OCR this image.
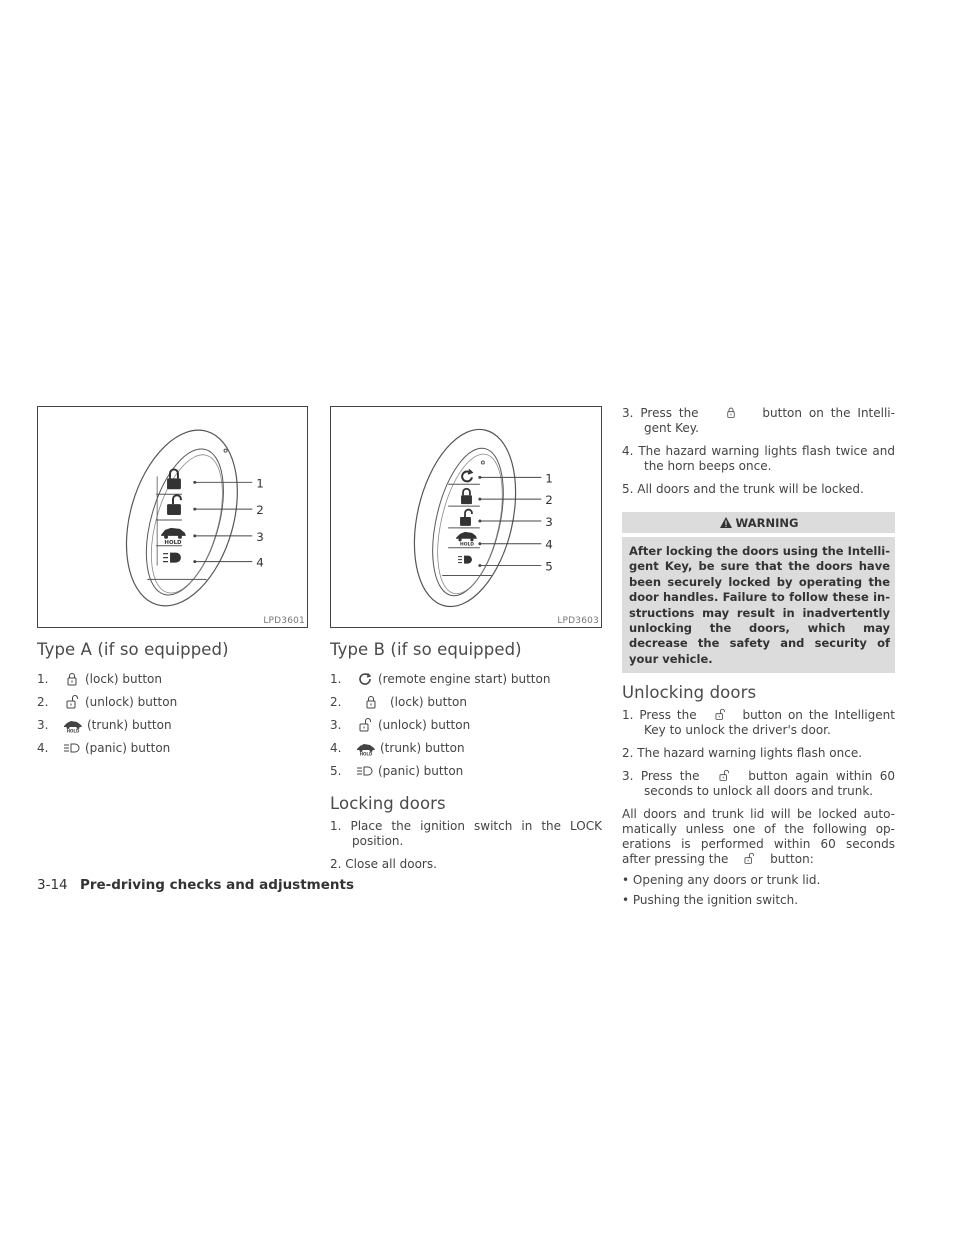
HOLD
1
2
3
4
LPD3601
Type A (if so equipped)
1.	(lock) button
2.	(unlock) button
3.	(trunk) button
4.	(panic) button
HOLD
1
2
3
4
5
LPD3603
Type B (if so equipped)
1.	(remote engine start) button
2.	(lock) button
3.	(unlock) button
4.	(trunk) button
5.	(panic) button
Locking doors
1. Place the ignition switch in the LOCK position.
2. Close all doors.
3. Press the	button on the Intelli-gent Key.
4. The hazard warning lights flash twice and the horn beeps once.
5. All doors and the trunk will be locked.
WARNING
After locking the doors using the Intelli-gent Key, be sure that the doors have been securely locked by operating the door handles. Failure to follow these in-structions may result in inadvertently unlocking the doors, which may decrease the safety and security of your vehicle.
Unlocking doors
1. Press the	button on the Intelligent Key to unlock the driver's door.
2. The hazard warning lights flash once.
3. Press the	button again within 60 seconds to unlock all doors and trunk.
All doors and trunk lid will be locked auto-matically unless one of the following op-erations is performed within 60 seconds after pressing the	button:
• Opening any doors or trunk lid.
• Pushing the ignition switch.
3-14 Pre-driving checks and adjustments
